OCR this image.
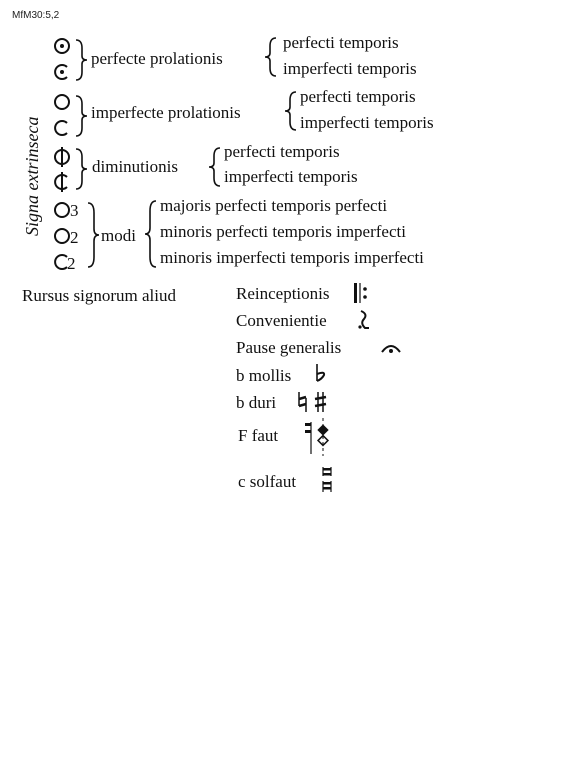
MfM30:5,2
Signa extrinseca
perfecte prolationis
perfecti temporis
imperfecti temporis
imperfecte prolationis
perfecti temporis
imperfecti temporis
diminutionis
perfecti temporis
imperfecti temporis
3
2
2
modi
majoris perfecti temporis perfecti
minoris perfecti temporis imperfecti
minoris imperfecti temporis imperfecti
Rursus signorum aliud	Reinceptionis
Convenientie
Pause generalis
b mollis
b duri
F faut
c solfaut
